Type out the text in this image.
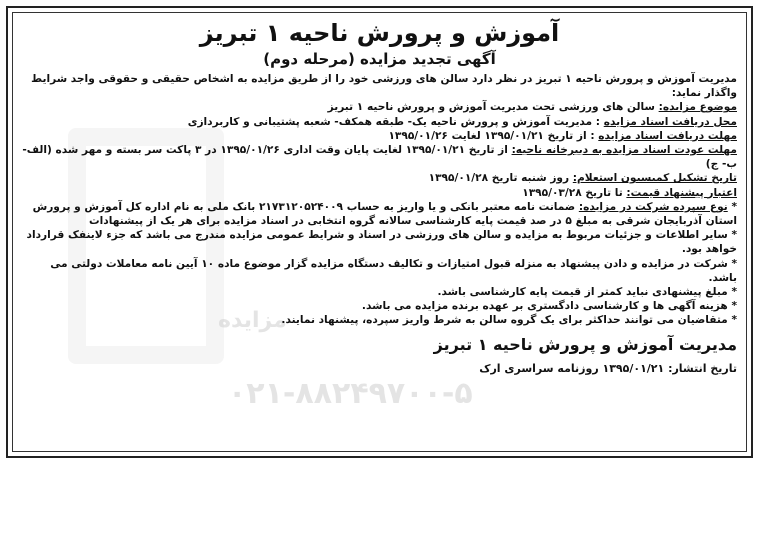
مزایده
۰۲۱-۸۸۲۴۹۷۰۰-۵

آموزش و پرورش ناحیه ۱ تبریز

آگهی تجدید مزایده (مرحله دوم)

مدیریت آموزش و پرورش ناحیه ۱ تبریز در نظر دارد سالن های ورزشی خود را از طریق مزایده به اشخاص حقیقی و حقوقی واجد شرایط واگذار نماید:

موضوع مزایده: سالن های ورزشی تحت مدیریت آموزش و پرورش ناحیه ۱ تبریز

محل دریافت اسناد مزایده : مدیریت آموزش و پرورش ناحیه یک- طبقه همکف- شعبه پشتیبانی و کاربردازی

مهلت دریافت اسناد مزایده : از تاریخ ۱۳۹۵/۰۱/۲۱ لغایت ۱۳۹۵/۰۱/۲۶

مهلت عودت اسناد مزایده به دبیرخانه ناحیه: از تاریخ ۱۳۹۵/۰۱/۲۱ لغایت پایان وقت اداری ۱۳۹۵/۰۱/۲۶ در ۳ پاکت سر بسته و مهر شده (الف- ب- ج)

تاریخ تشکیل کمیسیون استعلام: روز شنبه تاریخ ۱۳۹۵/۰۱/۲۸

اعتبار پیشنهاد قیمت: تا تاریخ ۱۳۹۵/۰۳/۲۸

* نوع سپرده شرکت در مزایده: ضمانت نامه معتبر بانکی و یا واریز به حساب ۲۱۷۳۱۲۰۵۲۴۰۰۹ بانک ملی به نام اداره کل آموزش و پرورش استان آذربایجان شرقی به مبلغ ۵ در صد قیمت پایه کارشناسی سالانه گروه انتخابی در اسناد مزایده برای هر یک از پیشنهادات

* سایر اطلاعات و جزئیات مربوط به مزایده و سالن های ورزشی در اسناد و شرایط عمومی مزایده مندرج می باشد که جزء لاینفک قرارداد خواهد بود.

* شرکت در مزایده و دادن پیشنهاد به منزله قبول امتیازات و تکالیف دستگاه مزایده گزار موضوع ماده ۱۰ آیین نامه معاملات دولتی می باشد.

* مبلغ پیشنهادی نباید کمتر از قیمت پایه کارشناسی باشد.

* هزینه آگهی ها و کارشناسی دادگستری بر عهده برنده مزایده می باشد.

* متقاضیان می توانند حداکثر برای یک گروه سالن به شرط واریز سپرده، پیشنهاد نمایند.

مدیریت آموزش و پرورش ناحیه ۱ تبریز

تاریخ انتشار: ۱۳۹۵/۰۱/۲۱ روزنامه سراسری ارک
